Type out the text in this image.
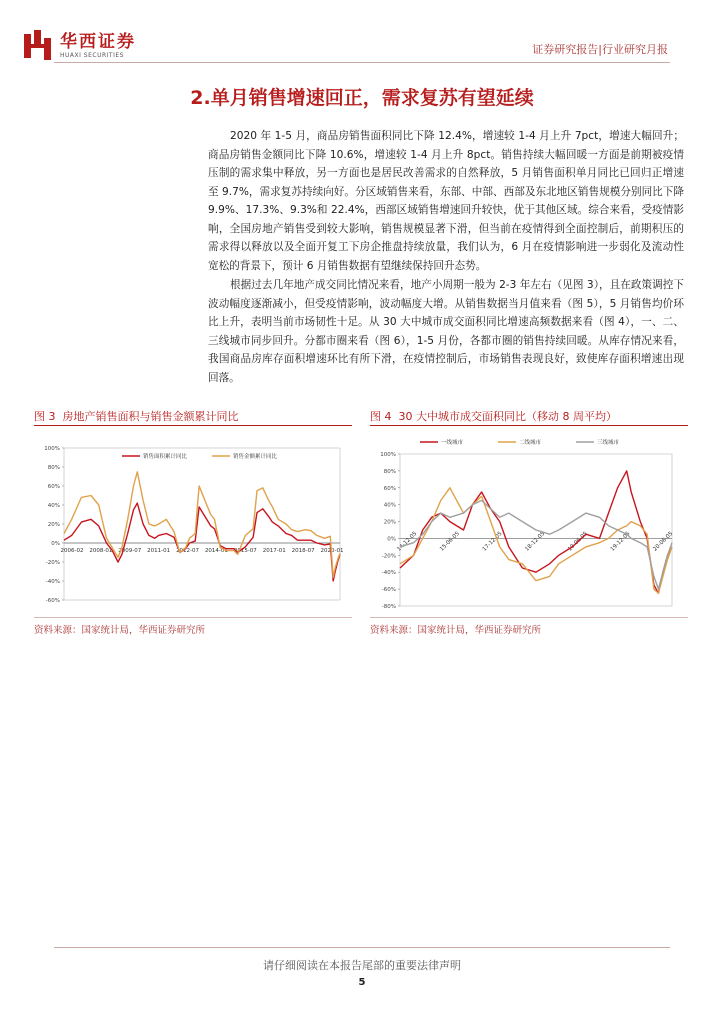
华西证券
HUAXI SECURITIES	证券研究报告|行业研究月报
2.单月销售增速回正，需求复苏有望延续
2020 年 1-5 月，商品房销售面积同比下降 12.4%，增速较 1-4 月上升 7pct，增速大幅回升；商品房销售金额同比下降 10.6%，增速较 1-4 月上升 8pct。销售持续大幅回暖一方面是前期被疫情压制的需求集中释放，另一方面也是居民改善需求的自然释放，5 月销售面积单月同比已回归正增速至 9.7%，需求复苏持续向好。分区域销售来看，东部、中部、西部及东北地区销售规模分别同比下降 9.9%、17.3%、9.3%和 22.4%，西部区域销售增速回升较快，优于其他区域。综合来看，受疫情影响，全国房地产销售受到较大影响，销售规模显著下滑，但当前在疫情得到全面控制后，前期积压的需求得以释放以及全面开复工下房企推盘持续放量，我们认为，6 月在疫情影响进一步弱化及流动性宽松的背景下，预计 6 月销售数据有望继续保持回升态势。
根据过去几年地产成交同比情况来看，地产小周期一般为 2-3 年左右（见图 3），且在政策调控下波动幅度逐渐减小，但受疫情影响，波动幅度大增。从销售数据当月值来看（图 5），5 月销售均价环比上升，表明当前市场韧性十足。从 30 大中城市成交面积同比增速高频数据来看（图 4），一、二、三线城市同步回升。分都市圈来看（图 6），1-5 月份，各都市圈的销售持续回暖。从库存情况来看，我国商品房库存面积增速环比有所下滑，在疫情控制后，市场销售表现良好，致使库存面积增速出现回落。
图 3 房地产销售面积与销售金额累计同比
100%
80%
60%
40%
20%
0%
-20%
-40%
-60%
2006-02 2008-01 2009-07 2011-01 2012-07 2014-01 2015-07 2017-01 2018-07 2020-01
销售面积累计同比	销售金额累计同比
资料来源：国家统计局，华西证券研究所
图 4 30 大中城市成交面积同比（移动 8 周平均）
100%
80%
60%
40%
20%
0%
-20%
-40%
-60%
-80%
14-12-05	15-06-05	17-12-05	18-12-05	19-06-05	19-12-05	20-06-05
一线城市	二线城市	三线城市
资料来源：国家统计局，华西证券研究所
请仔细阅读在本报告尾部的重要法律声明
5
